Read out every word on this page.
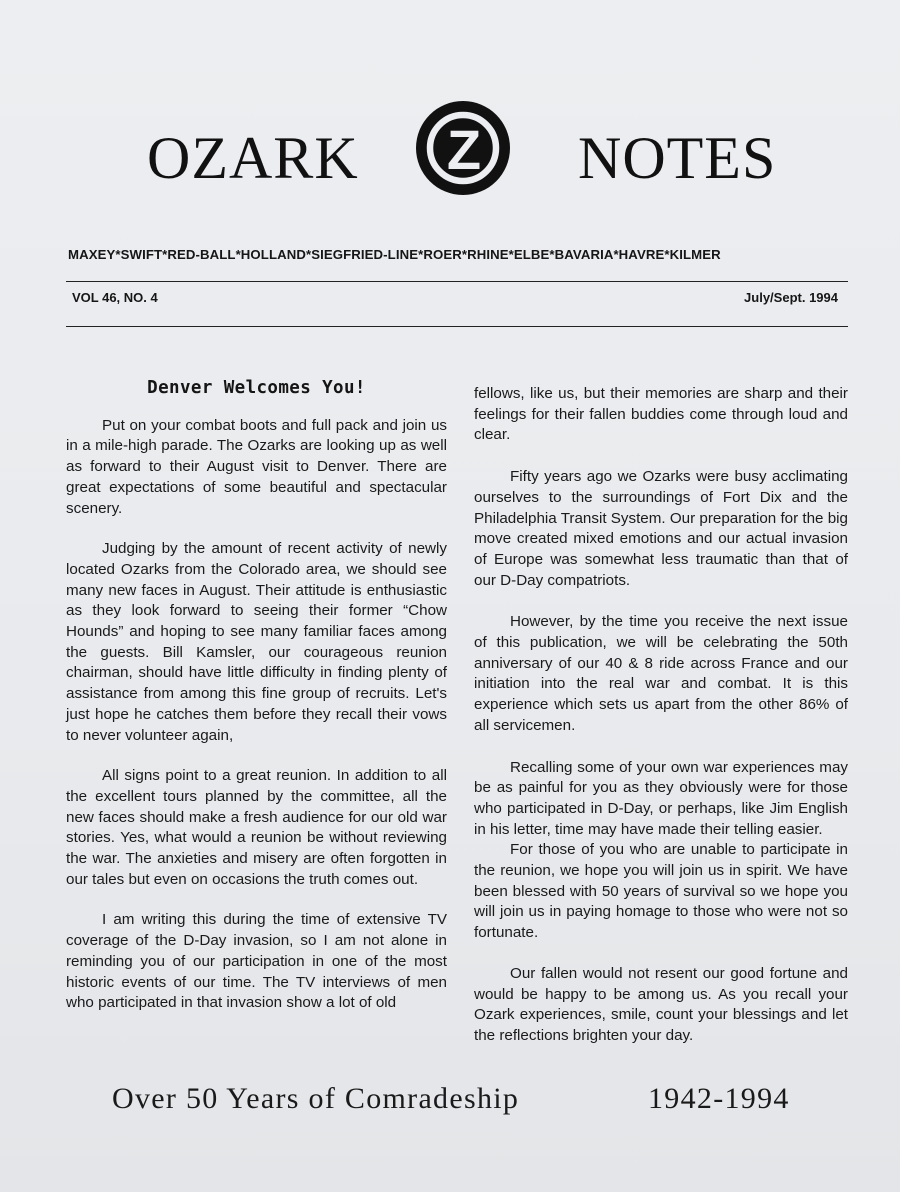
OZARK Z NOTES
MAXEY*SWIFT*RED-BALL*HOLLAND*SIEGFRIED-LINE*ROER*RHINE*ELBE*BAVARIA*HAVRE*KILMER
VOL 46, NO. 4	July/Sept. 1994
Denver Welcomes You!

Put on your combat boots and full pack and join us in a mile-high parade. The Ozarks are looking up as well as forward to their August visit to Denver. There are great expectations of some beautiful and spectacular scenery.

Judging by the amount of recent activity of newly located Ozarks from the Colorado area, we should see many new faces in August. Their attitude is enthusiastic as they look forward to seeing their former “Chow Hounds” and hoping to see many familiar faces among the guests. Bill Kamsler, our courageous reunion chairman, should have little difficulty in finding plenty of assistance from among this fine group of recruits. Let's just hope he catches them before they recall their vows to never volunteer again,

All signs point to a great reunion. In addition to all the excellent tours planned by the committee, all the new faces should make a fresh audience for our old war stories. Yes, what would a reunion be without reviewing the war. The anxieties and misery are often forgotten in our tales but even on occasions the truth comes out.

I am writing this during the time of extensive TV coverage of the D-Day invasion, so I am not alone in reminding you of our participation in one of the most historic events of our time. The TV interviews of men who participated in that invasion show a lot of old

fellows, like us, but their memories are sharp and their feelings for their fallen buddies come through loud and clear.

Fifty years ago we Ozarks were busy acclimating ourselves to the surroundings of Fort Dix and the Philadelphia Transit System. Our preparation for the big move created mixed emotions and our actual invasion of Europe was somewhat less traumatic than that of our D-Day compatriots.

However, by the time you receive the next issue of this publication, we will be celebrating the 50th anniversary of our 40 & 8 ride across France and our initiation into the real war and combat. It is this experience which sets us apart from the other 86% of all servicemen.

Recalling some of your own war experiences may be as painful for you as they obviously were for those who participated in D-Day, or perhaps, like Jim English in his letter, time may have made their telling easier.

For those of you who are unable to participate in the reunion, we hope you will join us in spirit. We have been blessed with 50 years of survival so we hope you will join us in paying homage to those who were not so fortunate.

Our fallen would not resent our good fortune and would be happy to be among us. As you recall your Ozark experiences, smile, count your blessings and let the reflections brighten your day.

Over 50 Years of Comradeship	1942-1994
